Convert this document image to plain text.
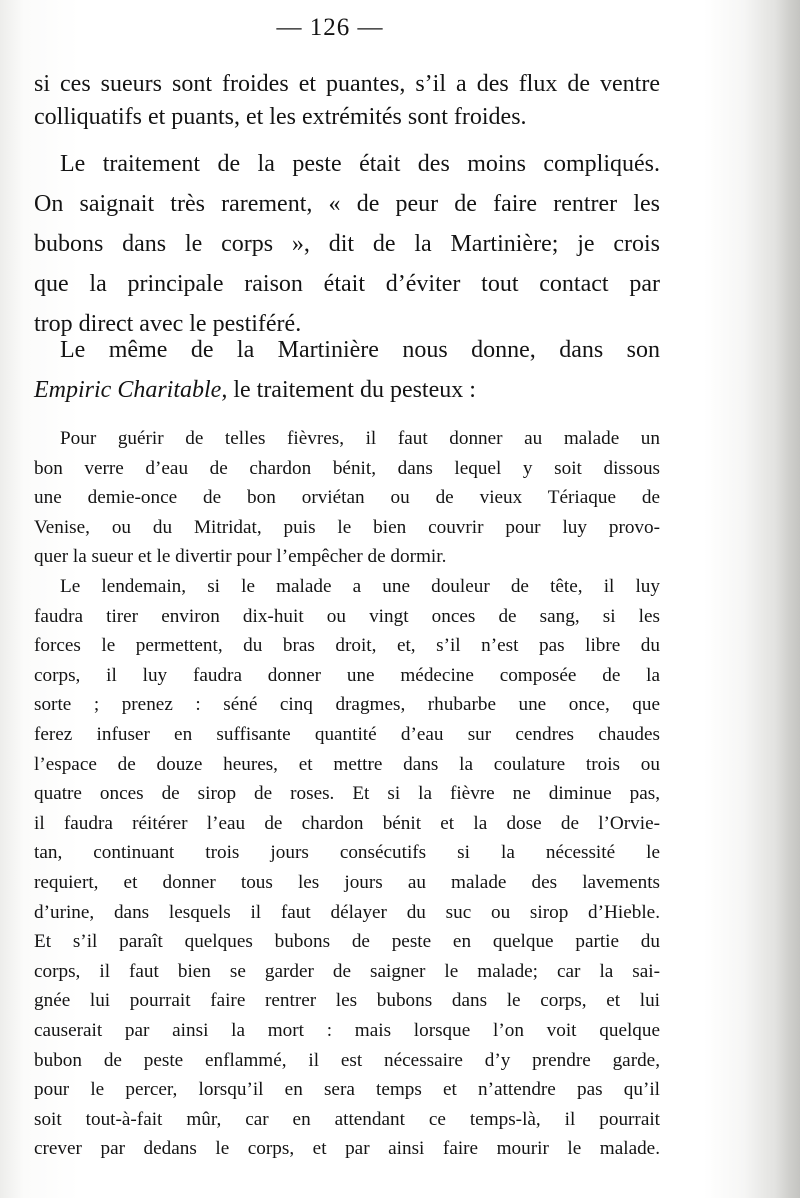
— 126 —
si ces sueurs sont froides et puantes, s’il a des flux de ventre
colliquatifs et puants, et les extrémités sont froides.
Le traitement de la peste était des moins compliqués.
On saignait très rarement, « de peur de faire rentrer les
bubons dans le corps », dit de la Martinière; je crois
que la principale raison était d’éviter tout contact par
trop direct avec le pestiféré.
Le même de la Martinière nous donne, dans son
Empiric Charitable, le traitement du pesteux :
Pour guérir de telles fièvres, il faut donner au malade un
bon verre d’eau de chardon bénit, dans lequel y soit dissous
une demie-once de bon orviétan ou de vieux Tériaque de
Venise, ou du Mitridat, puis le bien couvrir pour luy provo-
quer la sueur et le divertir pour l’empêcher de dormir.
Le lendemain, si le malade a une douleur de tête, il luy
faudra tirer environ dix-huit ou vingt onces de sang, si les
forces le permettent, du bras droit, et, s’il n’est pas libre du
corps, il luy faudra donner une médecine composée de la
sorte ; prenez : séné cinq dragmes, rhubarbe une once, que
ferez infuser en suffisante quantité d’eau sur cendres chaudes
l’espace de douze heures, et mettre dans la coulature trois ou
quatre onces de sirop de roses. Et si la fièvre ne diminue pas,
il faudra réitérer l’eau de chardon bénit et la dose de l’Orvie-
tan, continuant trois jours consécutifs si la nécessité le
requiert, et donner tous les jours au malade des lavements
d’urine, dans lesquels il faut délayer du suc ou sirop d’Hieble.
Et s’il paraît quelques bubons de peste en quelque partie du
corps, il faut bien se garder de saigner le malade; car la sai-
gnée lui pourrait faire rentrer les bubons dans le corps, et lui
causerait par ainsi la mort : mais lorsque l’on voit quelque
bubon de peste enflammé, il est nécessaire d’y prendre garde,
pour le percer, lorsqu’il en sera temps et n’attendre pas qu’il
soit tout-à-fait mûr, car en attendant ce temps-là, il pourrait
crever par dedans le corps, et par ainsi faire mourir le malade.
